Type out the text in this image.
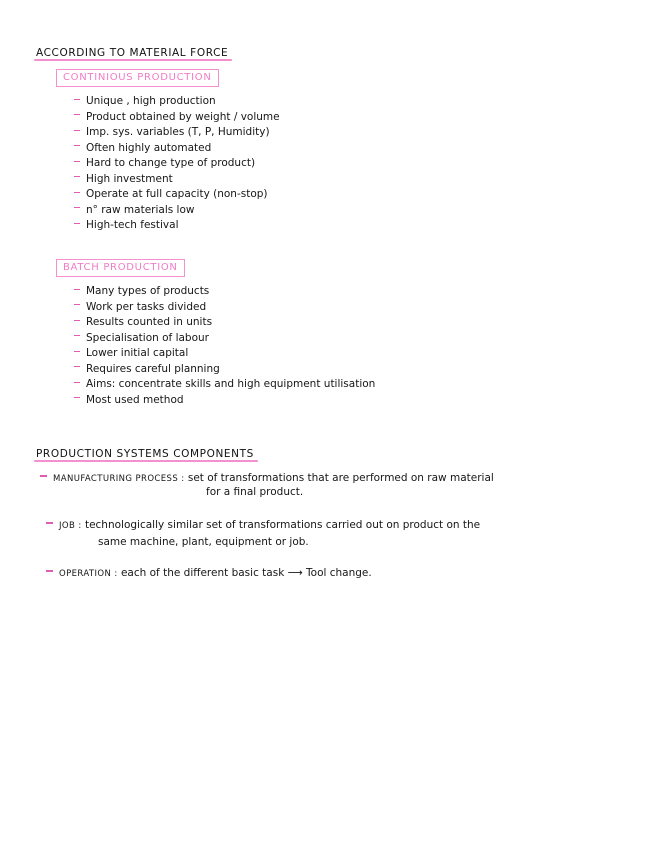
ACCORDING TO MATERIAL FORCE
CONTINIOUS PRODUCTION
Unique , high production
Product obtained by weight / volume
Imp. sys. variables (T, P, Humidity)
Often highly automated
Hard to change type of product)
High investment
Operate at full capacity (non-stop)
n° raw materials low
High-tech festival
BATCH PRODUCTION
Many types of products
Work per tasks divided
Results counted in units
Specialisation of labour
Lower initial capital
Requires careful planning
Aims: concentrate skills and high equipment utilisation
Most used method
PRODUCTION SYSTEMS COMPONENTS
MANUFACTURING PROCESS : set of transformations that are performed on raw material
for a final product.
JOB : technologically similar set of transformations carried out on product on the
same machine, plant, equipment or job.
OPERATION : each of the different basic task ⟶ Tool change.
